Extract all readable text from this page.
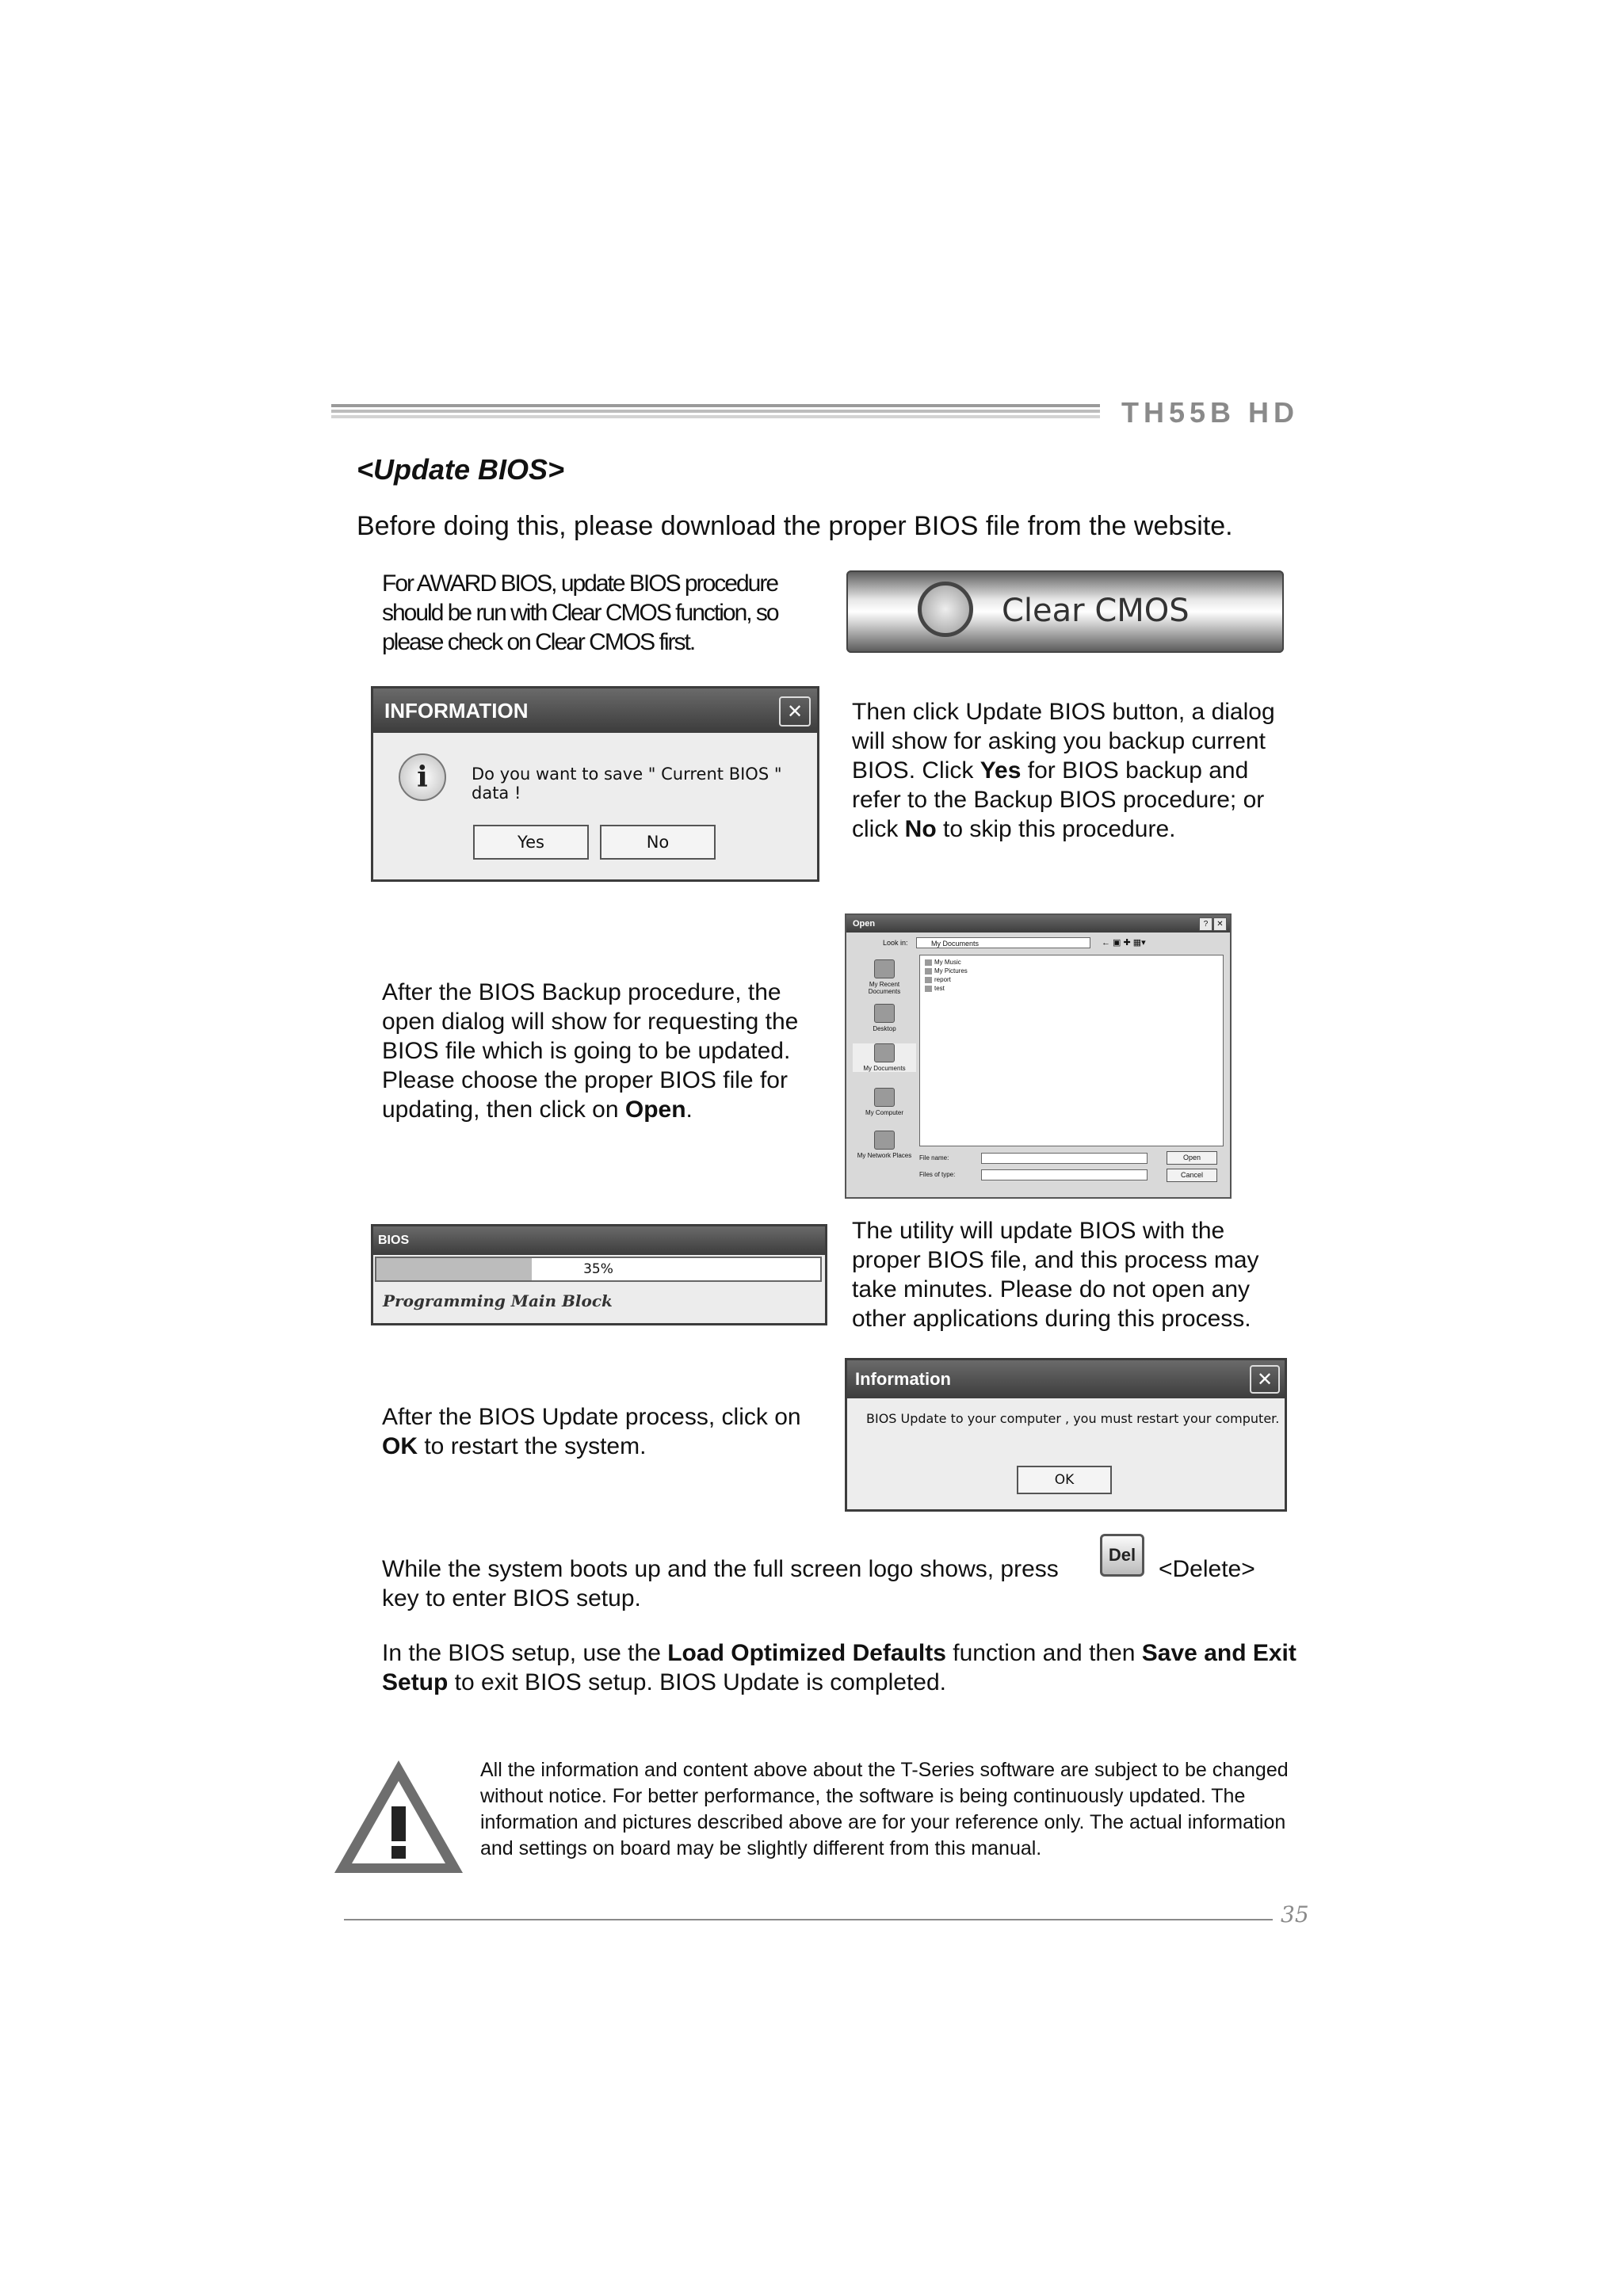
TH55B HD
<Update BIOS>
Before doing this, please download the proper BIOS file from the website.
For AWARD BIOS, update BIOS procedure should be run with Clear CMOS function, so please check on Clear CMOS first.
Clear CMOS
INFORMATION	✕
i	Do you want to save " Current BIOS " data !
Yes	No
Then click Update BIOS button, a dialog will show for asking you backup current BIOS. Click Yes for BIOS backup and refer to the Backup BIOS procedure; or click No to skip this procedure.
Open	?	✕
Look in:	My Documents	← ▣ ✚ ▦▾
My Recent Documents
Desktop
My Documents
My Computer
My Network Places
My Music
My Pictures
report
test
File name:
Files of type:
Open
Cancel
After the BIOS Backup procedure, the open dialog will show for requesting the BIOS file which is going to be updated. Please choose the proper BIOS file for updating, then click on Open.
BIOS
35%
Programming Main Block
The utility will update BIOS with the proper BIOS file, and this process may take minutes. Please do not open any other applications during this process.
Information	✕
BIOS Update to your computer , you must restart your computer.
OK
After the BIOS Update process, click on OK to restart the system.
While the system boots up and the full screen logo shows, press
key to enter BIOS setup.
Del
<Delete>
In the BIOS setup, use the Load Optimized Defaults function and then Save and Exit Setup to exit BIOS setup. BIOS Update is completed.
All the information and content above about the T-Series software are subject to be changed without notice. For better performance, the software is being continuously updated. The information and pictures described above are for your reference only. The actual information and settings on board may be slightly different from this manual.
35
